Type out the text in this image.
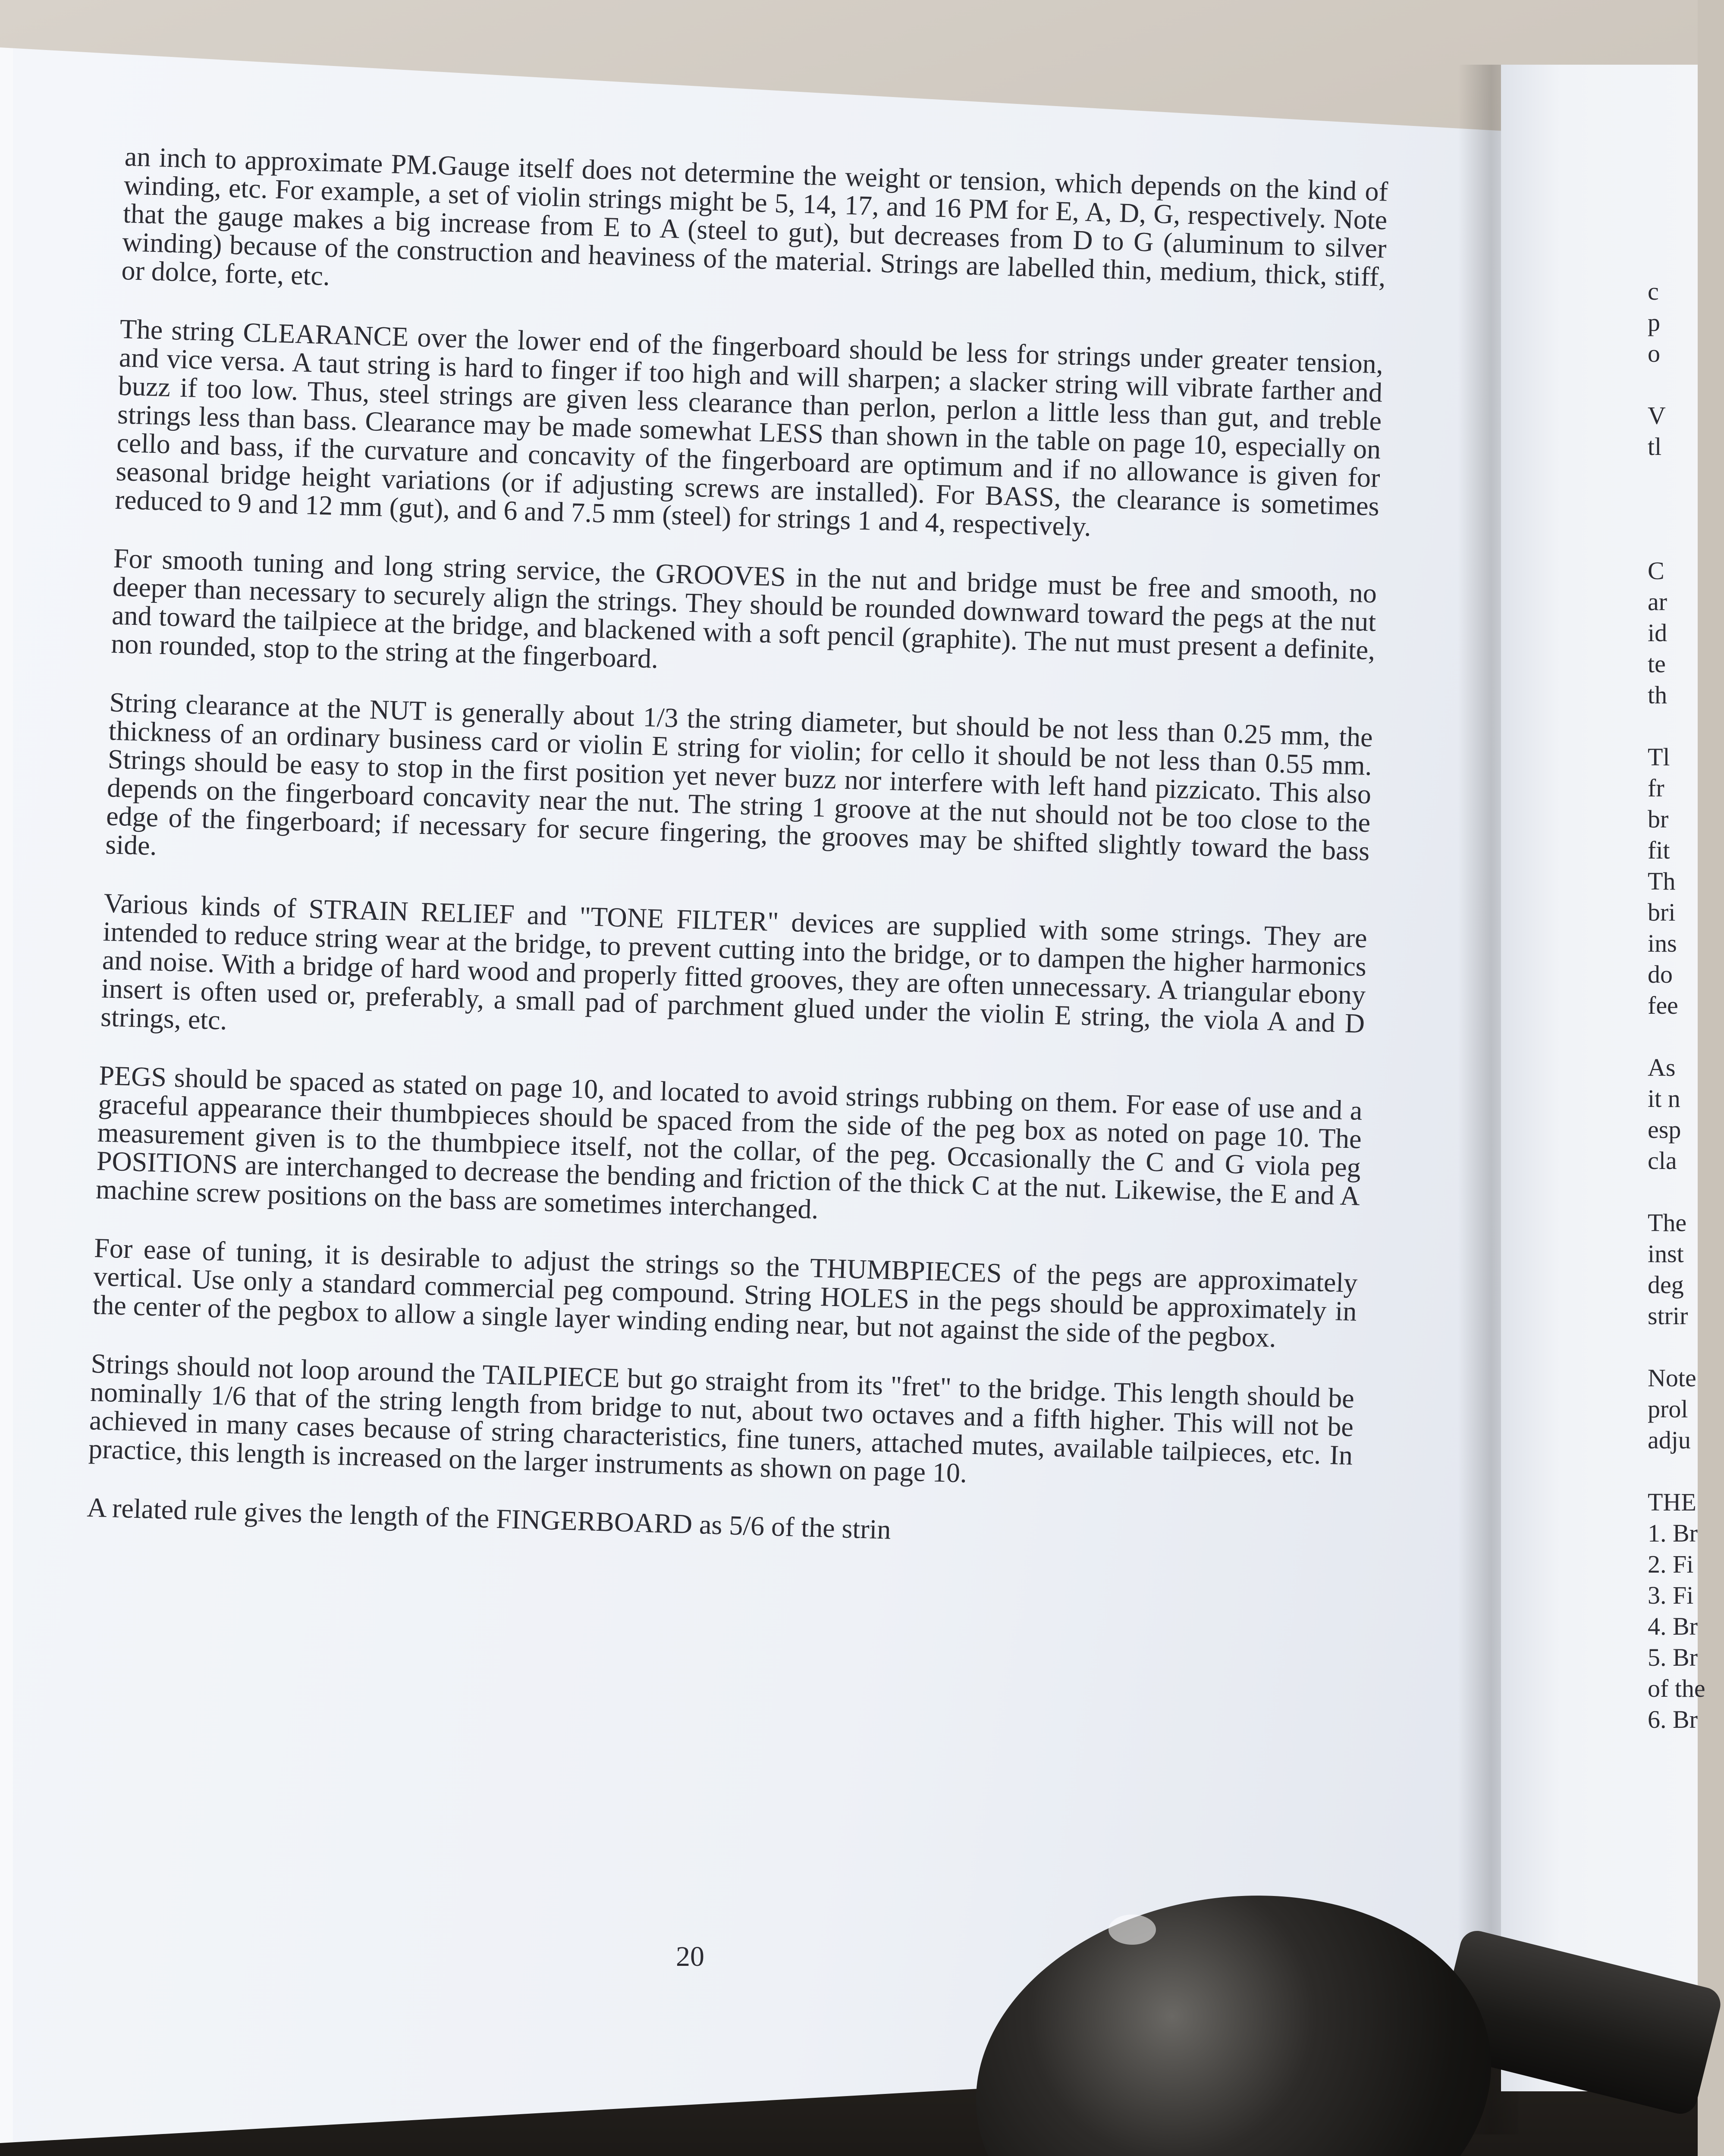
an inch to approximate PM.Gauge itself does not determine the weight or tension, which depends on the kind of winding, etc. For example, a set of violin strings might be 5, 14, 17, and 16 PM for E, A, D, G, respectively. Note that the gauge makes a big increase from E to A (steel to gut), but decreases from D to G (aluminum to silver winding) because of the construction and heaviness of the material. Strings are labelled thin, medium, thick, stiff, or dolce, forte, etc.

The string CLEARANCE over the lower end of the fingerboard should be less for strings under greater tension, and vice versa. A taut string is hard to finger if too high and will sharpen; a slacker string will vibrate farther and buzz if too low. Thus, steel strings are given less clearance than perlon, perlon a little less than gut, and treble strings less than bass. Clearance may be made somewhat LESS than shown in the table on page 10, especially on cello and bass, if the curvature and concavity of the fingerboard are optimum and if no allowance is given for seasonal bridge height variations (or if adjusting screws are installed). For BASS, the clearance is sometimes reduced to 9 and 12 mm (gut), and 6 and 7.5 mm (steel) for strings 1 and 4, respectively.

For smooth tuning and long string service, the GROOVES in the nut and bridge must be free and smooth, no deeper than necessary to securely align the strings. They should be rounded downward toward the pegs at the nut and toward the tailpiece at the bridge, and blackened with a soft pencil (graphite). The nut must present a definite, non rounded, stop to the string at the fingerboard.

String clearance at the NUT is generally about 1/3 the string diameter, but should be not less than 0.25 mm, the thickness of an ordinary business card or violin E string for violin; for cello it should be not less than 0.55 mm. Strings should be easy to stop in the first position yet never buzz nor interfere with left hand pizzicato. This also depends on the fingerboard concavity near the nut. The string 1 groove at the nut should not be too close to the edge of the fingerboard; if necessary for secure fingering, the grooves may be shifted slightly toward the bass side.

Various kinds of STRAIN RELIEF and "TONE FILTER" devices are supplied with some strings. They are intended to reduce string wear at the bridge, to prevent cutting into the bridge, or to dampen the higher harmonics and noise. With a bridge of hard wood and properly fitted grooves, they are often unnecessary. A triangular ebony insert is often used or, preferably, a small pad of parchment glued under the violin E string, the viola A and D strings, etc.

PEGS should be spaced as stated on page 10, and located to avoid strings rubbing on them. For ease of use and a graceful appearance their thumbpieces should be spaced from the side of the peg box as noted on page 10. The measurement given is to the thumbpiece itself, not the collar, of the peg. Occasionally the C and G viola peg POSITIONS are interchanged to decrease the bending and friction of the thick C at the nut. Likewise, the E and A machine screw positions on the bass are sometimes interchanged.

For ease of tuning, it is desirable to adjust the strings so the THUMBPIECES of the pegs are approximately vertical. Use only a standard commercial peg compound. String HOLES in the pegs should be approximately in the center of the pegbox to allow a single layer winding ending near, but not against the side of the pegbox.

Strings should not loop around the TAILPIECE but go straight from its "fret" to the bridge. This length should be nominally 1/6 that of the string length from bridge to nut, about two octaves and a fifth higher. This will not be achieved in many cases because of string characteristics, fine tuners, attached mutes, available tailpieces, etc. In practice, this length is increased on the larger instruments as shown on page 10.

A related rule gives the length of the FINGERBOARD as 5/6 of the strin

20
c
p
o
V
tl
C
ar
id
te
th
Tl
fr
br
fit
Th
bri
ins
do
fee
As
it n
esp
cla
The
inst
deg
strir
Note
prol
adju
THE
1. Br
2. Fi
3. Fi
4. Br
5. Br
of the
6. Br
